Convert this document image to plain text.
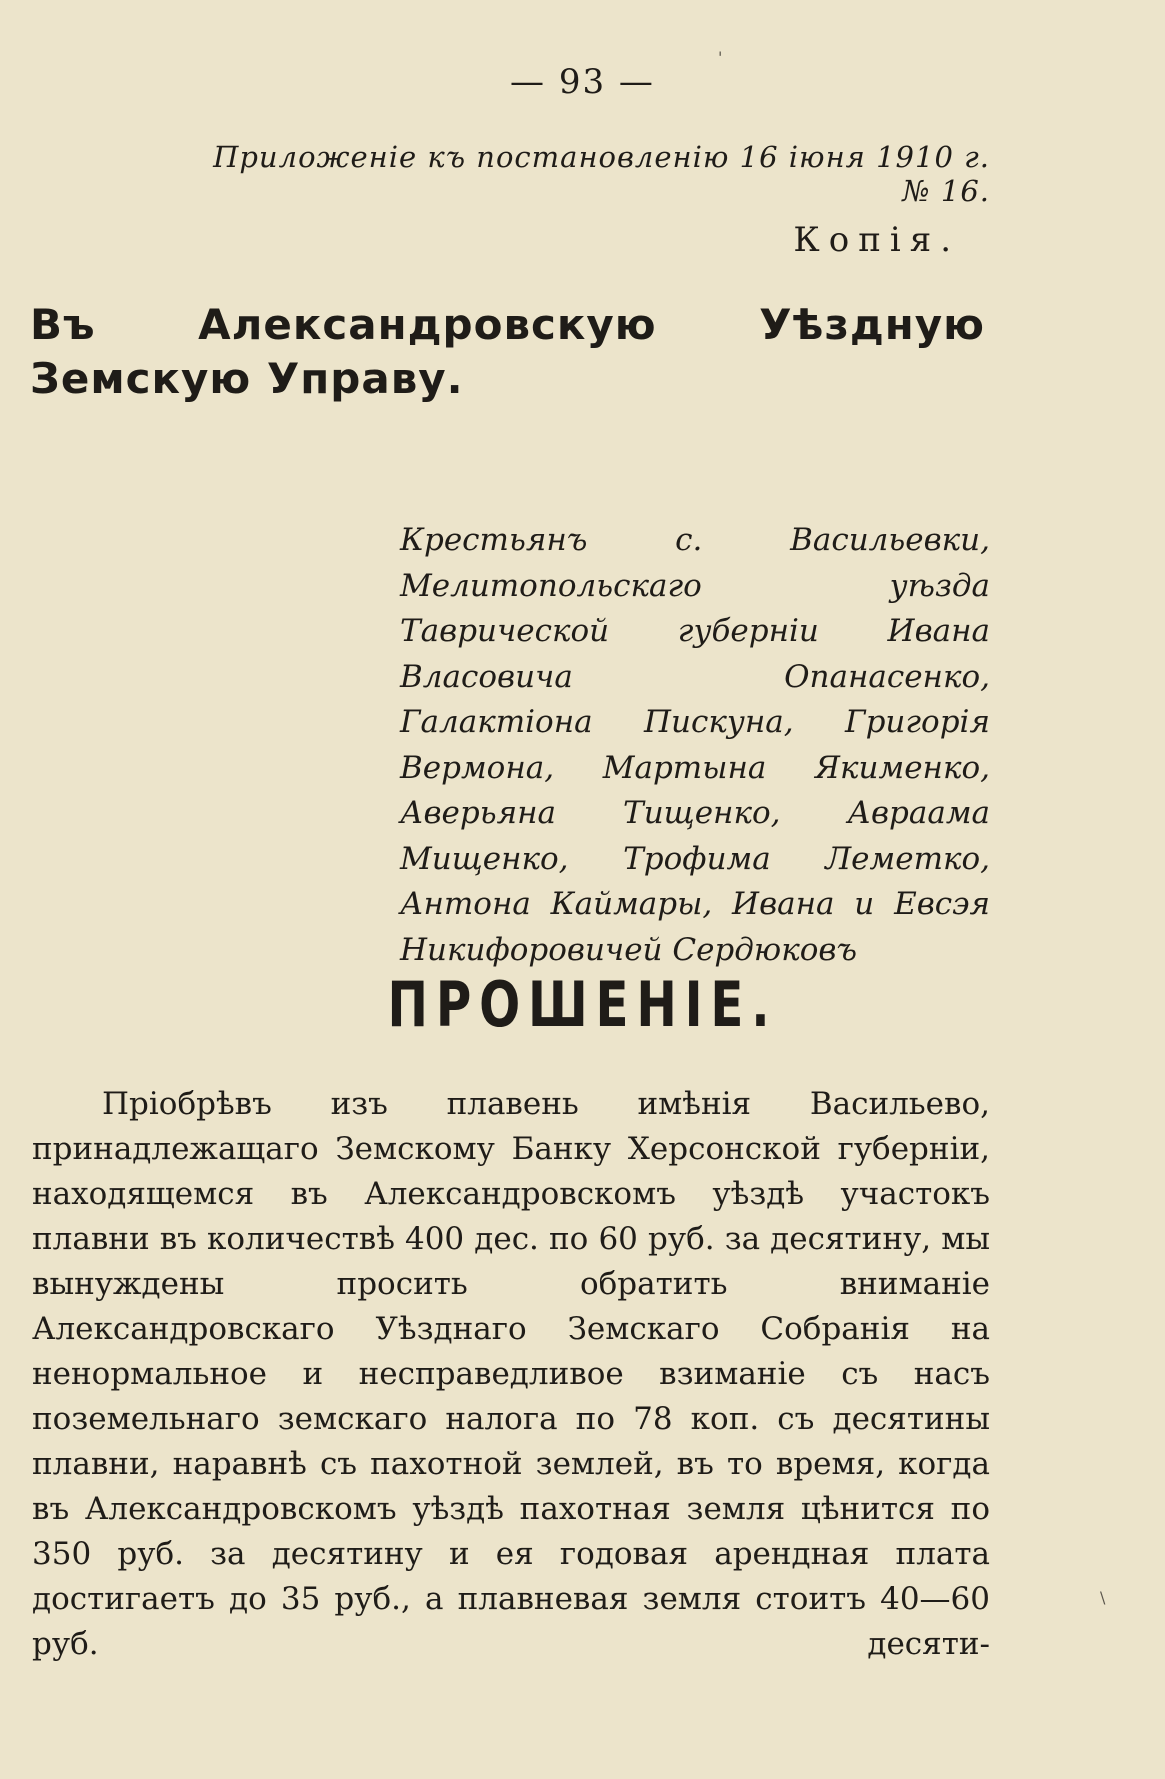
— 93 —
Приложеніе къ постановленію 16 іюня 1910 г. № 16.
Копія.
Въ Александровскую Уѣздную Земскую Управу.
Крестьянъ с. Васильевки, Мелитопольскаго уѣзда Таврической губерніи Ивана Власовича Опанасенко, Галактіона Пискуна, Григорія Вермона, Мартына Якименко, Аверьяна Тищенко, Авраама Мищенко, Трофима Леметко, Антона Каймары, Ивана и Евсэя Никифоровичей Сердюковъ
ПРОШЕНІЕ.
Пріобрѣвъ изъ плавень имѣнія Васильево, принадлежащаго Земскому Банку Херсонской губерніи, находящемся въ Александровскомъ уѣздѣ участокъ плавни въ количествѣ 400 дес. по 60 руб. за десятину, мы вынуждены просить обратить вниманіе Александровскаго Уѣзднаго Земскаго Собранія на ненормальное и несправедливое взиманіе съ насъ поземельнаго земскаго налога по 78 коп. съ десятины плавни, наравнѣ съ пахотной землей, въ то время, когда въ Александровскомъ уѣздѣ пахотная земля цѣнится по 350 руб. за десятину и ея годовая арендная плата достигаетъ до 35 руб., а плавневая земля стоитъ 40—60 руб. десяти-
'
\
